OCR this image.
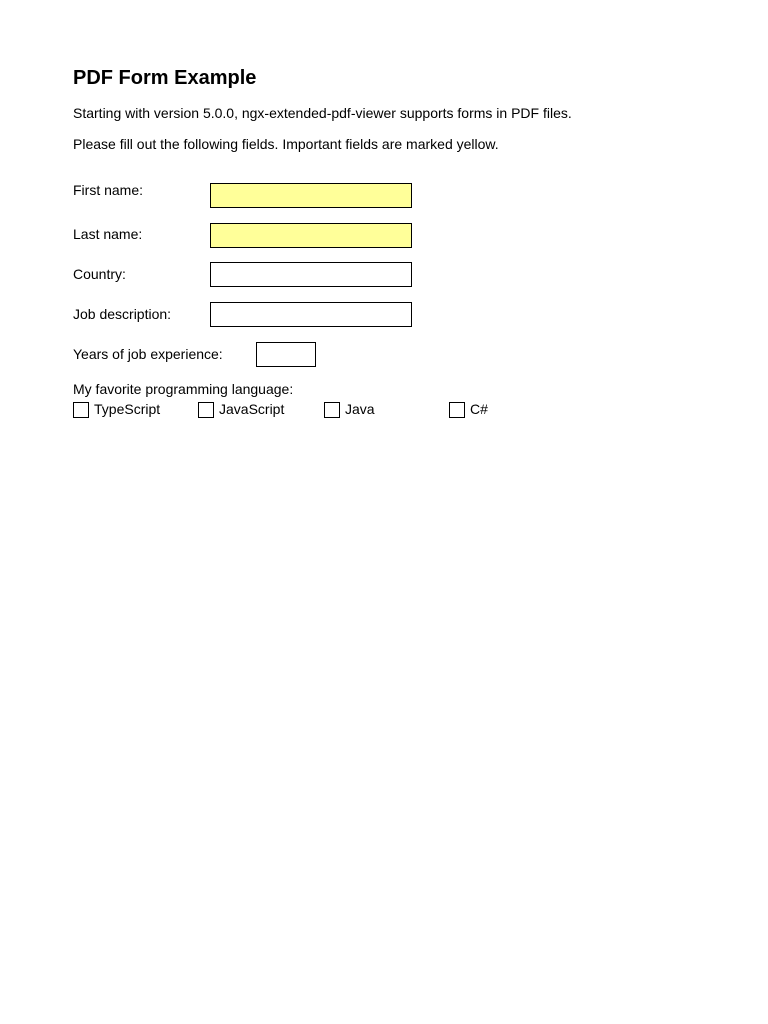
PDF Form Example
Starting with version 5.0.0, ngx-extended-pdf-viewer supports forms in PDF files.
Please fill out the following fields. Important fields are marked yellow.
First name:
Last name:
Country:
Job description:
Years of job experience:
My favorite programming language:
TypeScript	JavaScript	Java	C#
